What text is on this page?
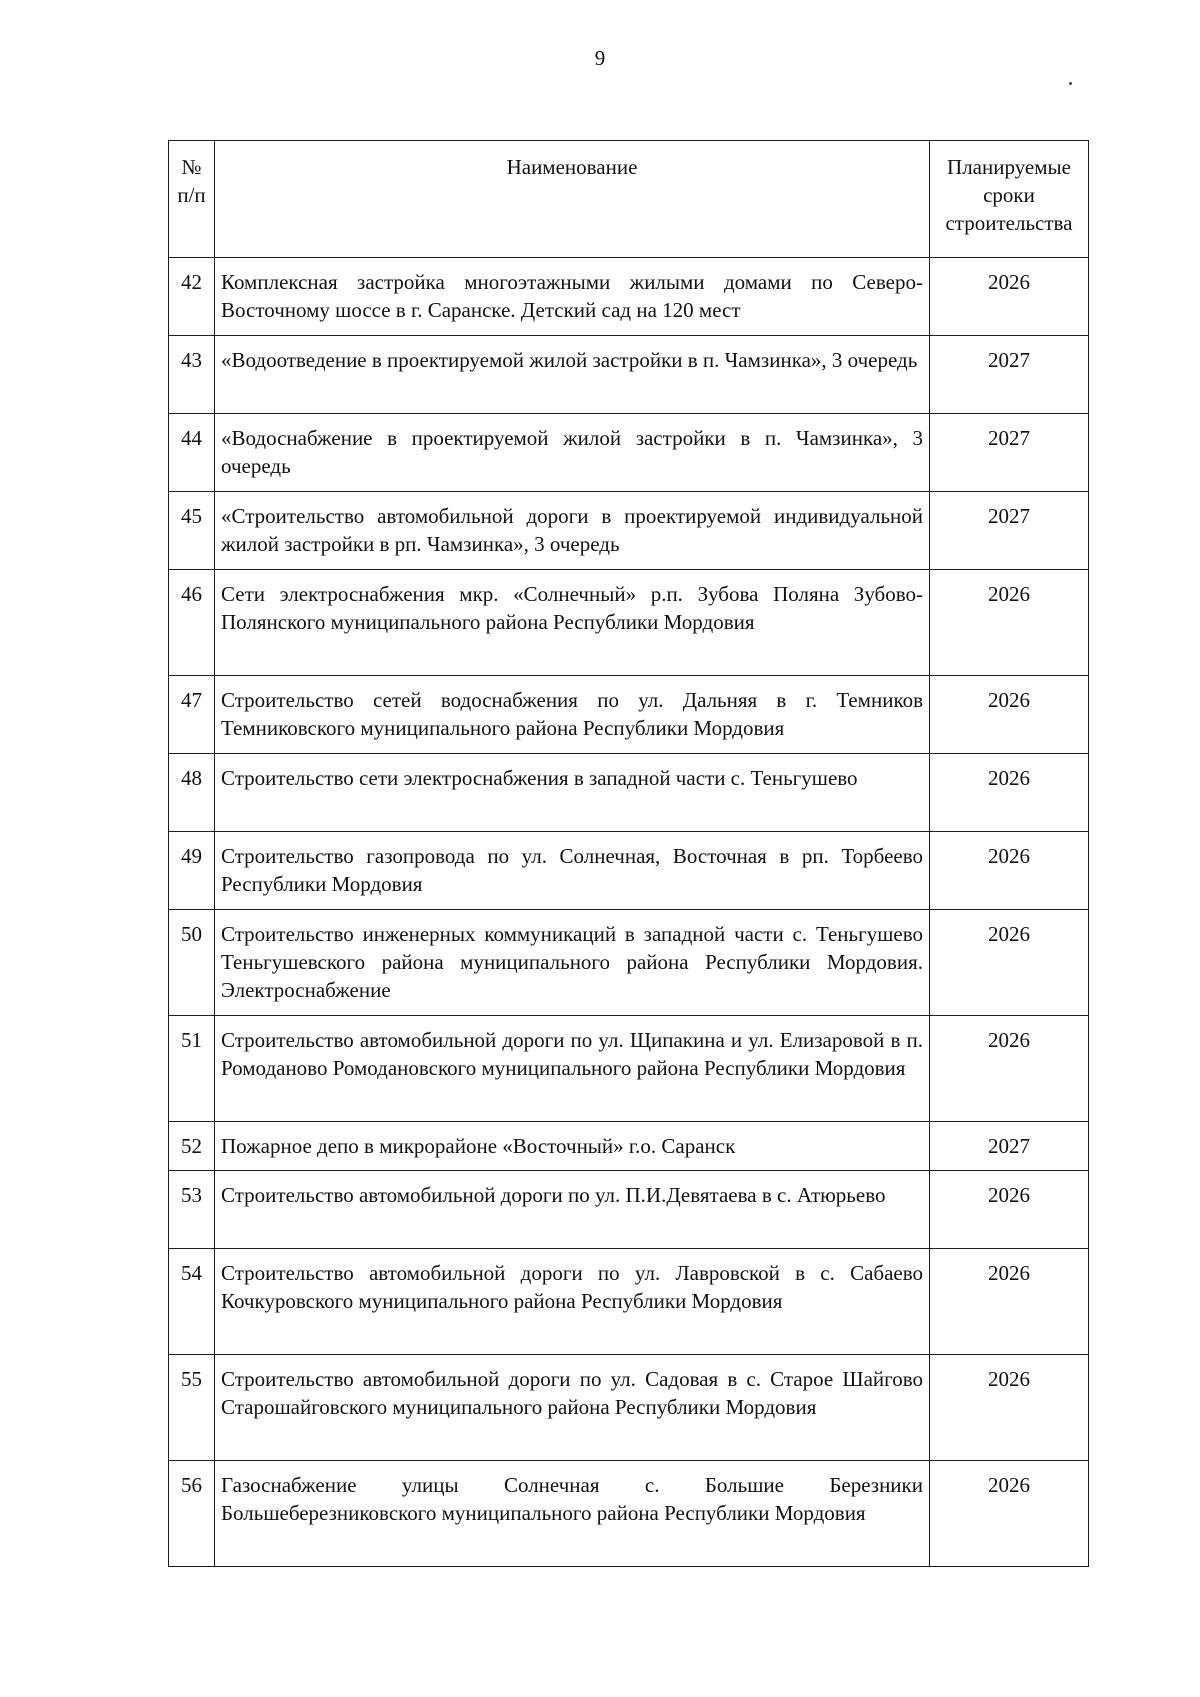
9
№ п/п	Наименование	Планируемые сроки строительства
42	Комплексная застройка многоэтажными жилыми домами по Северо-Восточному шоссе в г. Саранске. Детский сад на 120 мест	2026
43	«Водоотведение в проектируемой жилой застройки в п. Чамзинка», 3 очередь	2027
44	«Водоснабжение в проектируемой жилой застройки в п. Чамзинка», 3 очередь	2027
45	«Строительство автомобильной дороги в проектируемой индивидуальной жилой застройки в рп. Чамзинка», 3 очередь	2027
46	Сети электроснабжения мкр. «Солнечный» р.п. Зубова Поляна Зубово-Полянского муниципального района Республики Мордовия	2026
47	Строительство сетей водоснабжения по ул. Дальняя в г. Темников Темниковского муниципального района Республики Мордовия	2026
48	Строительство сети электроснабжения в западной части с. Теньгушево	2026
49	Строительство газопровода по ул. Солнечная, Восточная в рп. Торбеево Республики Мордовия	2026
50	Строительство инженерных коммуникаций в западной части с. Теньгушево Теньгушевского района муниципального района Республики Мордовия. Электроснабжение	2026
51	Строительство автомобильной дороги по ул. Щипакина и ул. Елизаровой в п. Ромоданово Ромодановского муниципального района Республики Мордовия	2026
52	Пожарное депо в микрорайоне «Восточный» г.о. Саранск	2027
53	Строительство автомобильной дороги по ул. П.И.Девятаева в с. Атюрьево	2026
54	Строительство автомобильной дороги по ул. Лавровской в с. Сабаево Кочкуровского муниципального района Республики Мордовия	2026
55	Строительство автомобильной дороги по ул. Садовая в с. Старое Шайгово Старошайговского муниципального района Республики Мордовия	2026
56	Газоснабжение улицы Солнечная с. Большие Березники Большеберезниковского муниципального района Республики Мордовия	2026
